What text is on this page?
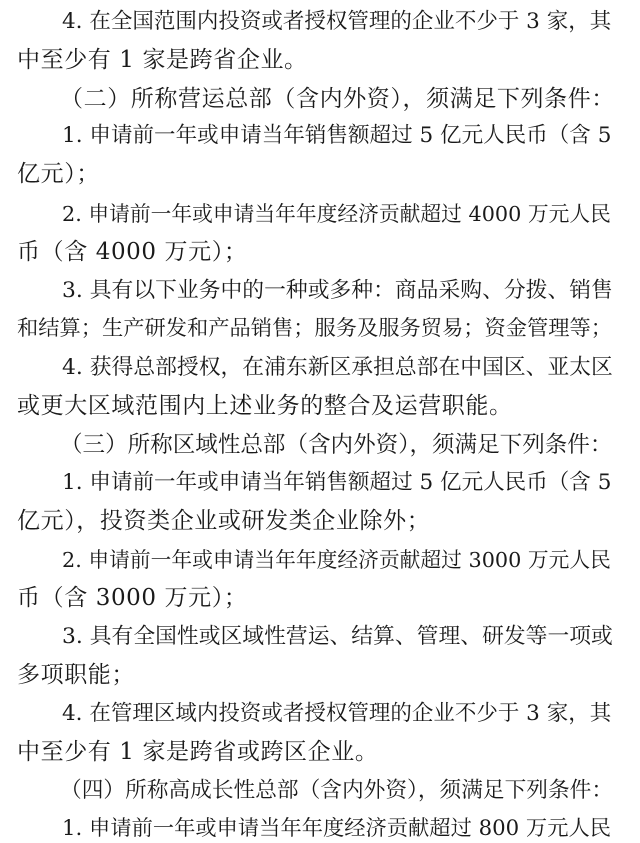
4. 在全国范围内投资或者授权管理的企业不少于 3 家，其
中至少有 1 家是跨省企业。
（二）所称营运总部（含内外资），须满足下列条件：
1. 申请前一年或申请当年销售额超过 5 亿元人民币（含 5
亿元）；
2. 申请前一年或申请当年年度经济贡献超过 4000 万元人民
币（含 4000 万元）；
3. 具有以下业务中的一种或多种：商品采购、分拨、销售
和结算；生产研发和产品销售；服务及服务贸易；资金管理等；
4. 获得总部授权，在浦东新区承担总部在中国区、亚太区
或更大区域范围内上述业务的整合及运营职能。
（三）所称区域性总部（含内外资），须满足下列条件：
1. 申请前一年或申请当年销售额超过 5 亿元人民币（含 5
亿元），投资类企业或研发类企业除外；
2. 申请前一年或申请当年年度经济贡献超过 3000 万元人民
币（含 3000 万元）；
3. 具有全国性或区域性营运、结算、管理、研发等一项或
多项职能；
4. 在管理区域内投资或者授权管理的企业不少于 3 家，其
中至少有 1 家是跨省或跨区企业。
（四）所称高成长性总部（含内外资），须满足下列条件：
1. 申请前一年或申请当年年度经济贡献超过 800 万元人民
